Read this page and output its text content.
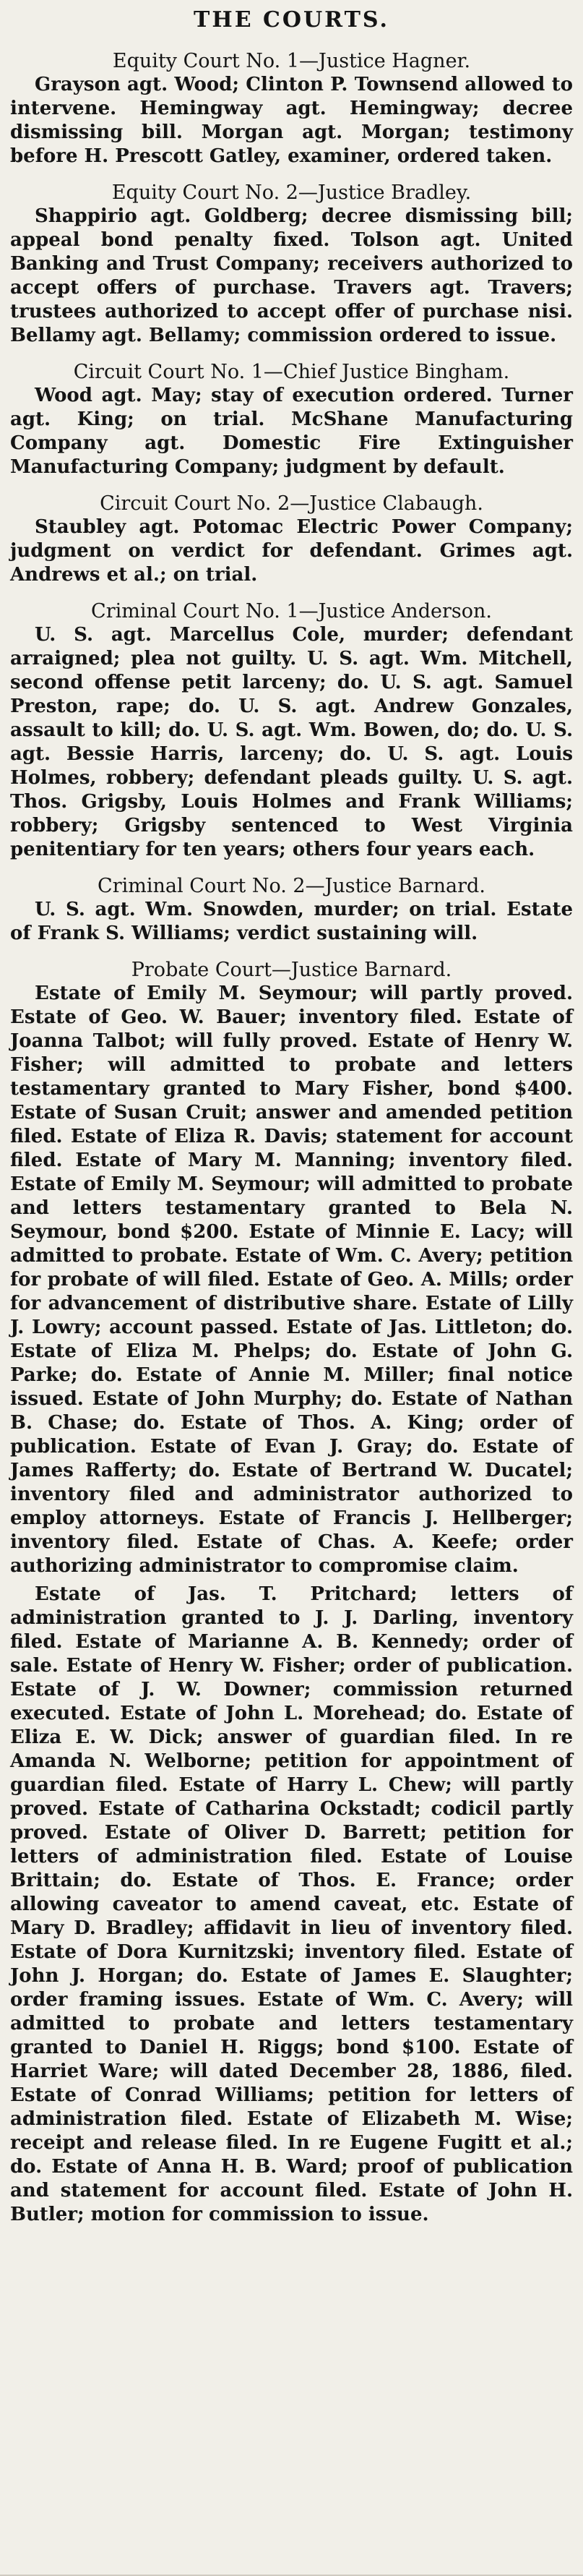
THE COURTS.

Equity Court No. 1—Justice Hagner.

Grayson agt. Wood; Clinton P. Townsend allowed to intervene. Hemingway agt. Hemingway; decree dismissing bill. Morgan agt. Morgan; testimony before H. Prescott Gatley, examiner, ordered taken.

Equity Court No. 2—Justice Bradley.

Shappirio agt. Goldberg; decree dismissing bill; appeal bond penalty fixed. Tolson agt. United Banking and Trust Company; receivers authorized to accept offers of purchase. Travers agt. Travers; trustees authorized to accept offer of purchase nisi. Bellamy agt. Bellamy; commission ordered to issue.

Circuit Court No. 1—Chief Justice Bingham.

Wood agt. May; stay of execution ordered. Turner agt. King; on trial. McShane Manufacturing Company agt. Domestic Fire Extinguisher Manufacturing Company; judgment by default.

Circuit Court No. 2—Justice Clabaugh.

Staubley agt. Potomac Electric Power Company; judgment on verdict for defendant. Grimes agt. Andrews et al.; on trial.

Criminal Court No. 1—Justice Anderson.

U. S. agt. Marcellus Cole, murder; defendant arraigned; plea not guilty. U. S. agt. Wm. Mitchell, second offense petit larceny; do. U. S. agt. Samuel Preston, rape; do. U. S. agt. Andrew Gonzales, assault to kill; do. U. S. agt. Wm. Bowen, do; do. U. S. agt. Bessie Harris, larceny; do. U. S. agt. Louis Holmes, robbery; defendant pleads guilty. U. S. agt. Thos. Grigsby, Louis Holmes and Frank Williams; robbery; Grigsby sentenced to West Virginia penitentiary for ten years; others four years each.

Criminal Court No. 2—Justice Barnard.

U. S. agt. Wm. Snowden, murder; on trial. Estate of Frank S. Williams; verdict sustaining will.

Probate Court—Justice Barnard.

Estate of Emily M. Seymour; will partly proved. Estate of Geo. W. Bauer; inventory filed. Estate of Joanna Talbot; will fully proved. Estate of Henry W. Fisher; will admitted to probate and letters testamentary granted to Mary Fisher, bond $400. Estate of Susan Cruit; answer and amended petition filed. Estate of Eliza R. Davis; statement for account filed. Estate of Mary M. Manning; inventory filed. Estate of Emily M. Seymour; will admitted to probate and letters testamentary granted to Bela N. Seymour, bond $200. Estate of Minnie E. Lacy; will admitted to probate. Estate of Wm. C. Avery; petition for probate of will filed. Estate of Geo. A. Mills; order for advancement of distributive share. Estate of Lilly J. Lowry; account passed. Estate of Jas. Littleton; do. Estate of Eliza M. Phelps; do. Estate of John G. Parke; do. Estate of Annie M. Miller; final notice issued. Estate of John Murphy; do. Estate of Nathan B. Chase; do. Estate of Thos. A. King; order of publication. Estate of Evan J. Gray; do. Estate of James Rafferty; do. Estate of Bertrand W. Ducatel; inventory filed and administrator authorized to employ attorneys. Estate of Francis J. Hellberger; inventory filed. Estate of Chas. A. Keefe; order authorizing administrator to compromise claim.

Estate of Jas. T. Pritchard; letters of administration granted to J. J. Darling, inventory filed. Estate of Marianne A. B. Kennedy; order of sale. Estate of Henry W. Fisher; order of publication. Estate of J. W. Downer; commission returned executed. Estate of John L. Morehead; do. Estate of Eliza E. W. Dick; answer of guardian filed. In re Amanda N. Welborne; petition for appointment of guardian filed. Estate of Harry L. Chew; will partly proved. Estate of Catharina Ockstadt; codicil partly proved. Estate of Oliver D. Barrett; petition for letters of administration filed. Estate of Louise Brittain; do. Estate of Thos. E. France; order allowing caveator to amend caveat, etc. Estate of Mary D. Bradley; affidavit in lieu of inventory filed. Estate of Dora Kurnitzski; inventory filed. Estate of John J. Horgan; do. Estate of James E. Slaughter; order framing issues. Estate of Wm. C. Avery; will admitted to probate and letters testamentary granted to Daniel H. Riggs; bond $100. Estate of Harriet Ware; will dated December 28, 1886, filed. Estate of Conrad Williams; petition for letters of administration filed. Estate of Elizabeth M. Wise; receipt and release filed. In re Eugene Fugitt et al.; do. Estate of Anna H. B. Ward; proof of publication and statement for account filed. Estate of John H. Butler; motion for commission to issue.
